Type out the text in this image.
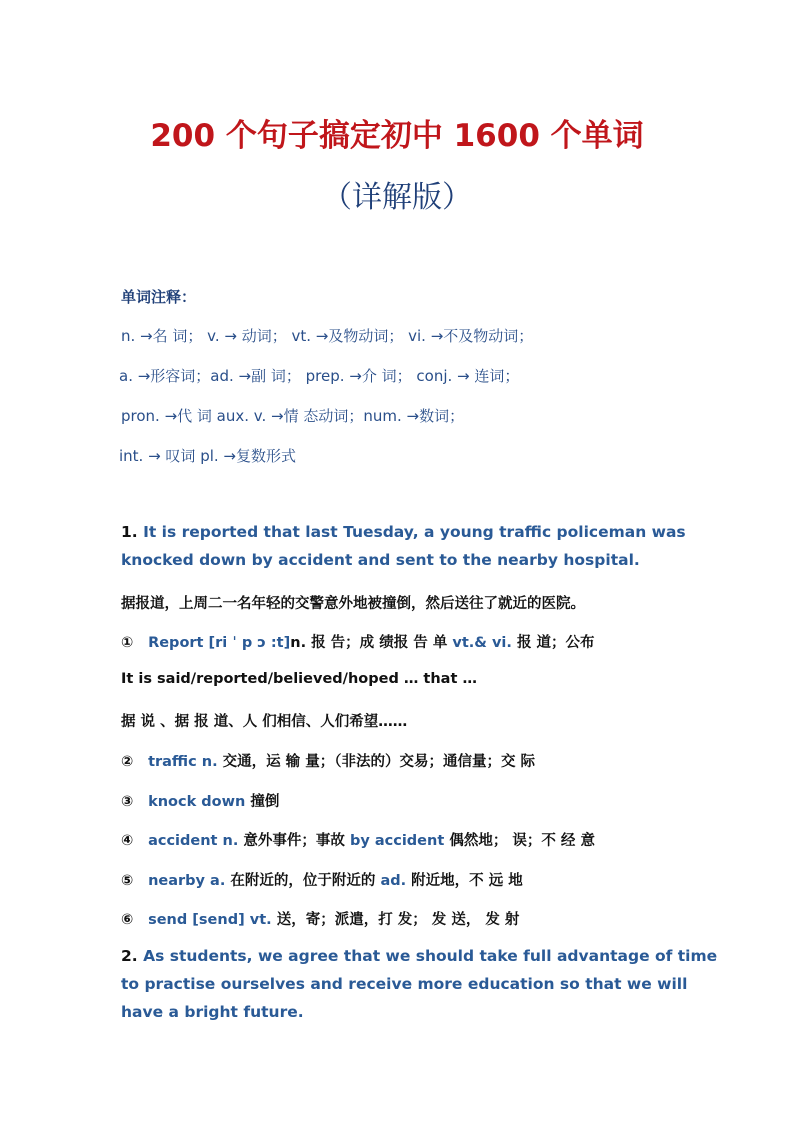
200 个句子搞定初中 1600 个单词
（详解版）
单词注释：
n. →名 词； v. → 动词； vt. →及物动词； vi. →不及物动词；
a. →形容词；ad. →副 词； prep. →介 词； conj. → 连词；
pron. →代 词 aux. v. →情 态动词；num. →数词；
int. → 叹词 pl. →复数形式
1. It is reported that last Tuesday, a young traffic policeman was
knocked down by accident and sent to the nearby hospital.
据报道，上周二一名年轻的交警意外地被撞倒，然后送往了就近的医院。
① Report [ri ˈ p ɔ :t]n. 报 告；成 绩报 告 单 vt.& vi. 报 道；公布
It is said/reported/believed/hoped … that …
据 说 、据 报 道、人 们相信、人们希望……
② traffic n. 交通，运 输 量；（非法的）交易；通信量；交 际
③ knock down 撞倒
④ accident n. 意外事件；事故 by accident 偶然地； 误；不 经 意
⑤ nearby a. 在附近的，位于附近的 ad. 附近地，不 远 地
⑥ send [send] vt. 送，寄；派遣，打 发； 发 送， 发 射
2. As students, we agree that we should take full advantage of time
to practise ourselves and receive more education so that we will
have a bright future.
